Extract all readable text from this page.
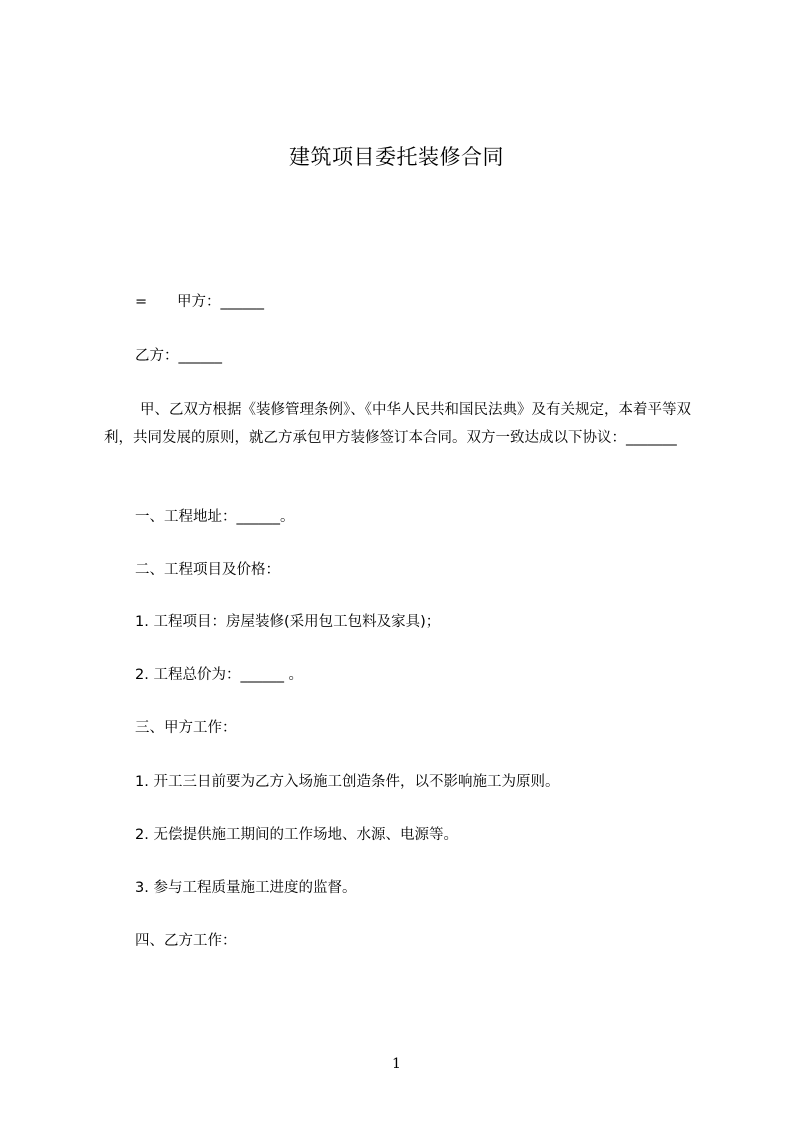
建筑项目委托装修合同
= 甲方：______
乙方：______
甲、乙双方根据《装修管理条例》、《中华人民共和国民法典》及有关规定，本着平等双利，共同发展的原则，就乙方承包甲方装修签订本合同。双方一致达成以下协议：_______
一、工程地址：______。
二、工程项目及价格：
1. 工程项目：房屋装修(采用包工包料及家具)；
2. 工程总价为：______ 。
三、甲方工作：
1. 开工三日前要为乙方入场施工创造条件，以不影响施工为原则。
2. 无偿提供施工期间的工作场地、水源、电源等。
3. 参与工程质量施工进度的监督。
四、乙方工作：
1
